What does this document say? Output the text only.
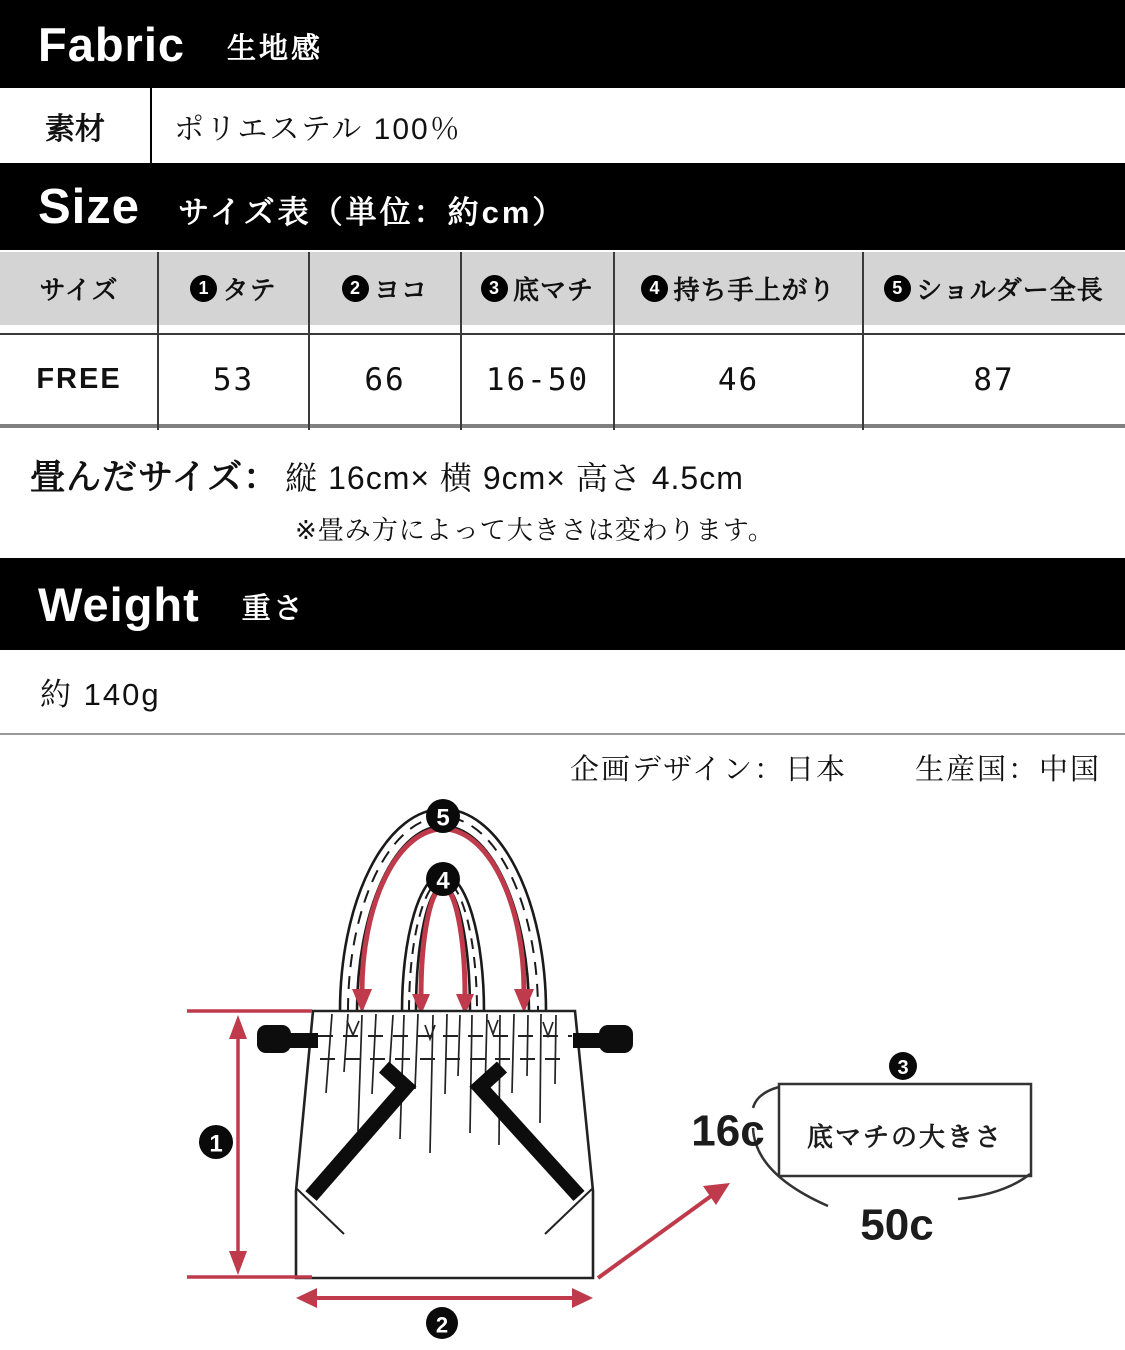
Fabric 生地感
素材	ポリエステル 100％
Size サイズ表（単位：約cm）
サイズ	1 タテ	2 ヨコ	3 底マチ	4 持ち手上がり	5 ショルダー全長
FREE	53	66	16-50	46	87
畳んだサイズ： 縦 16cm× 横 9cm× 高さ 4.5cm
※畳み方によって大きさは変わります。
Weight 重さ
約 140g
企画デザイン：日本 生産国：中国
5
4
1
2
3
底マチの大きさ
16c
50c
